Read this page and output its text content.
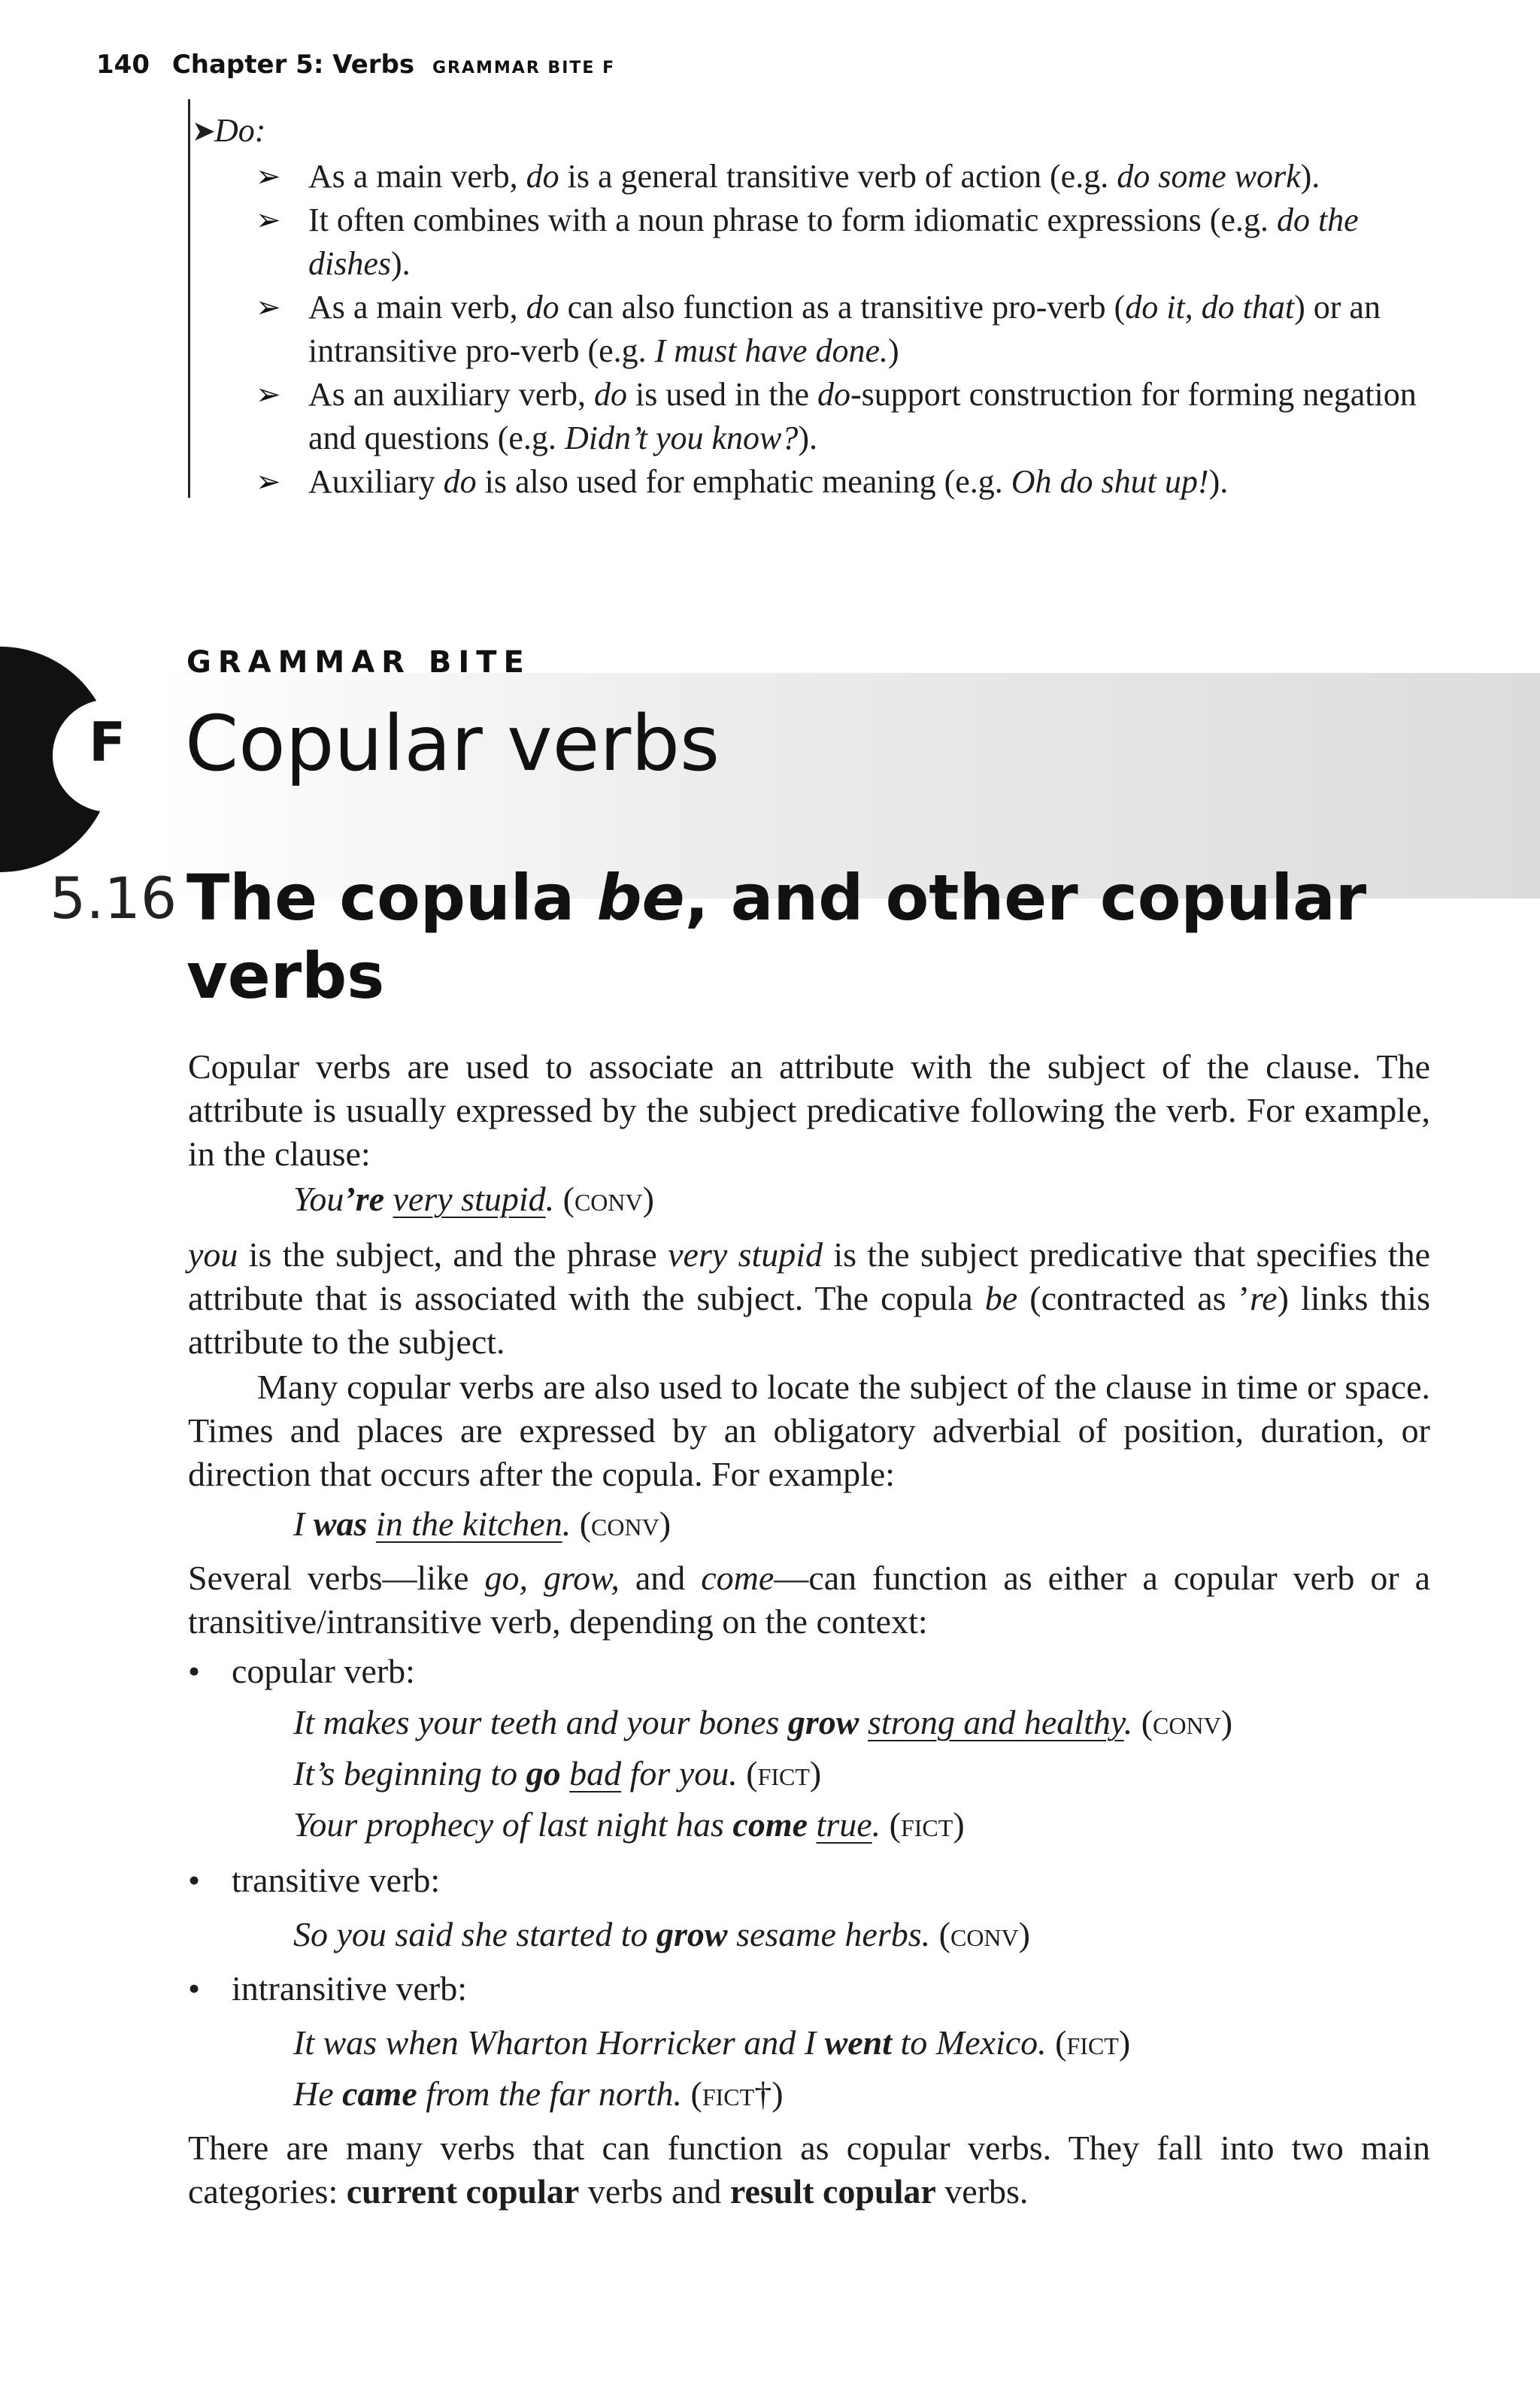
140 Chapter 5: Verbs GRAMMAR BITE F
➤
Do:
➢ As a main verb, do is a general transitive verb of action (e.g. do some work).
➢ It often combines with a noun phrase to form idiomatic expressions (e.g. do the dishes).
➢ As a main verb, do can also function as a transitive pro-verb (do it, do that) or an intransitive pro-verb (e.g. I must have done.)
➢ As an auxiliary verb, do is used in the do-support construction for forming negation and questions (e.g. Didn’t you know?).
➢ Auxiliary do is also used for emphatic meaning (e.g. Oh do shut up!).
F
GRAMMAR BITE
Copular verbs
5.16 The copula be, and other copular verbs
Copular verbs are used to associate an attribute with the subject of the clause. The attribute is usually expressed by the subject predicative following the verb. For example, in the clause:
You’re very stupid. (conv)
you is the subject, and the phrase very stupid is the subject predicative that specifies the attribute that is associated with the subject. The copula be (contracted as ’re) links this attribute to the subject.
Many copular verbs are also used to locate the subject of the clause in time or space. Times and places are expressed by an obligatory adverbial of position, duration, or direction that occurs after the copula. For example:
I was in the kitchen. (conv)
Several verbs—like go, grow, and come—can function as either a copular verb or a transitive/intransitive verb, depending on the context:
• copular verb:
It makes your teeth and your bones grow strong and healthy. (conv)
It’s beginning to go bad for you. (fict)
Your prophecy of last night has come true. (fict)
• transitive verb:
So you said she started to grow sesame herbs. (conv)
• intransitive verb:
It was when Wharton Horricker and I went to Mexico. (fict)
He came from the far north. (fict†)
There are many verbs that can function as copular verbs. They fall into two main categories: current copular verbs and result copular verbs.
